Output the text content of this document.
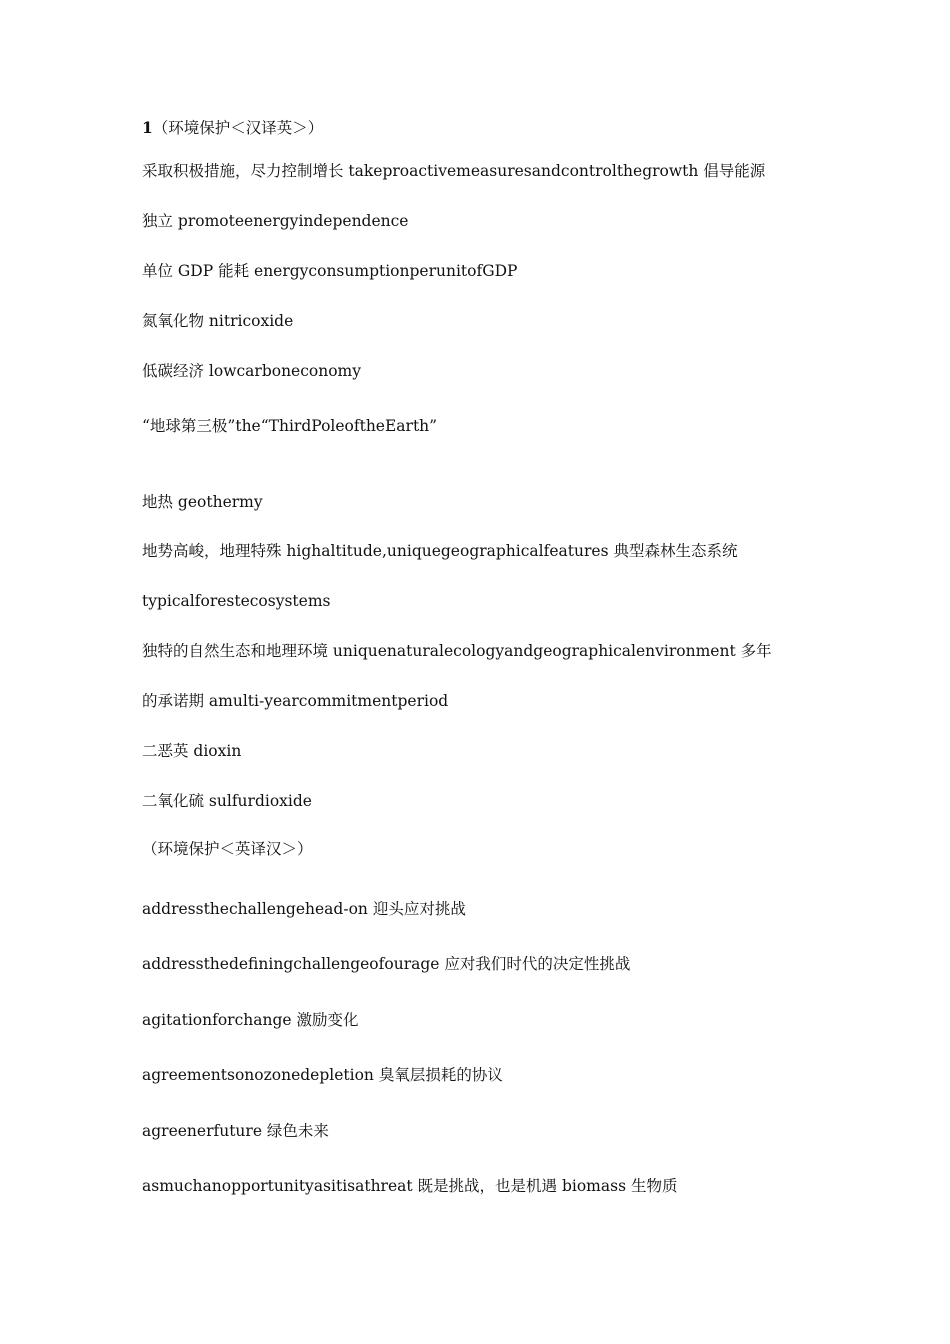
1（环境保护＜汉译英＞）
采取积极措施，尽力控制增长 takeproactivemeasuresandcontrolthegrowth 倡导能源
独立 promoteenergyindependence
单位 GDP 能耗 energyconsumptionperunitofGDP
氮氧化物 nitricoxide
低碳经济 lowcarboneconomy
“地球第三极”the“ThirdPoleoftheEarth”
地热 geothermy
地势高峻，地理特殊 highaltitude,uniquegeographicalfeatures 典型森林生态系统
typicalforestecosystems
独特的自然生态和地理环境 uniquenaturalecologyandgeographicalenvironment 多年
的承诺期 amulti-yearcommitmentperiod
二恶英 dioxin
二氧化硫 sulfurdioxide
（环境保护＜英译汉＞）
addressthechallengehead-on 迎头应对挑战
addressthedefiningchallengeofourage 应对我们时代的决定性挑战
agitationforchange 激励变化
agreementsonozonedepletion 臭氧层损耗的协议
agreenerfuture 绿色未来
asmuchanopportunityasitisathreat 既是挑战，也是机遇 biomass 生物质
